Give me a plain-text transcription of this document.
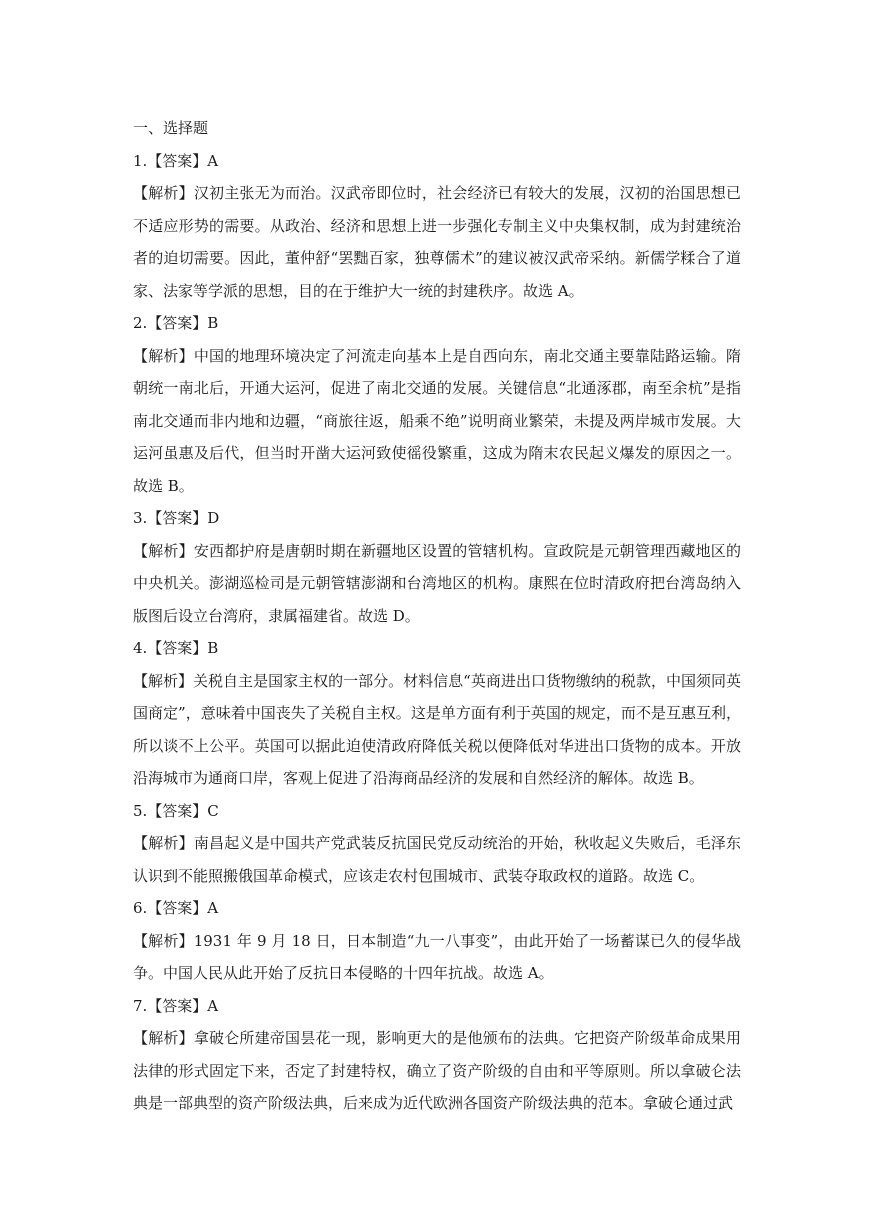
一、选择题

1.【答案】A

【解析】汉初主张无为而治。汉武帝即位时，社会经济已有较大的发展，汉初的治国思想已不适应形势的需要。从政治、经济和思想上进一步强化专制主义中央集权制，成为封建统治者的迫切需要。因此，董仲舒“罢黜百家，独尊儒术”的建议被汉武帝采纳。新儒学糅合了道家、法家等学派的思想，目的在于维护大一统的封建秩序。故选 A。

2.【答案】B

【解析】中国的地理环境决定了河流走向基本上是自西向东，南北交通主要靠陆路运输。隋朝统一南北后，开通大运河，促进了南北交通的发展。关键信息“北通涿郡，南至余杭”是指南北交通而非内地和边疆，“商旅往返，船乘不绝”说明商业繁荣，未提及两岸城市发展。大运河虽惠及后代，但当时开凿大运河致使徭役繁重，这成为隋末农民起义爆发的原因之一。故选 B。

3.【答案】D

【解析】安西都护府是唐朝时期在新疆地区设置的管辖机构。宣政院是元朝管理西藏地区的中央机关。澎湖巡检司是元朝管辖澎湖和台湾地区的机构。康熙在位时清政府把台湾岛纳入版图后设立台湾府，隶属福建省。故选 D。

4.【答案】B

【解析】关税自主是国家主权的一部分。材料信息“英商进出口货物缴纳的税款，中国须同英国商定”，意味着中国丧失了关税自主权。这是单方面有利于英国的规定，而不是互惠互利，所以谈不上公平。英国可以据此迫使清政府降低关税以便降低对华进出口货物的成本。开放沿海城市为通商口岸，客观上促进了沿海商品经济的发展和自然经济的解体。故选 B。

5.【答案】C

【解析】南昌起义是中国共产党武装反抗国民党反动统治的开始，秋收起义失败后，毛泽东认识到不能照搬俄国革命模式，应该走农村包围城市、武装夺取政权的道路。故选 C。

6.【答案】A

【解析】1931 年 9 月 18 日，日本制造“九一八事变”，由此开始了一场蓄谋已久的侵华战争。中国人民从此开始了反抗日本侵略的十四年抗战。故选 A。

7.【答案】A

【解析】拿破仑所建帝国昙花一现，影响更大的是他颁布的法典。它把资产阶级革命成果用法律的形式固定下来，否定了封建特权，确立了资产阶级的自由和平等原则。所以拿破仑法典是一部典型的资产阶级法典，后来成为近代欧洲各国资产阶级法典的范本。拿破仑通过武
